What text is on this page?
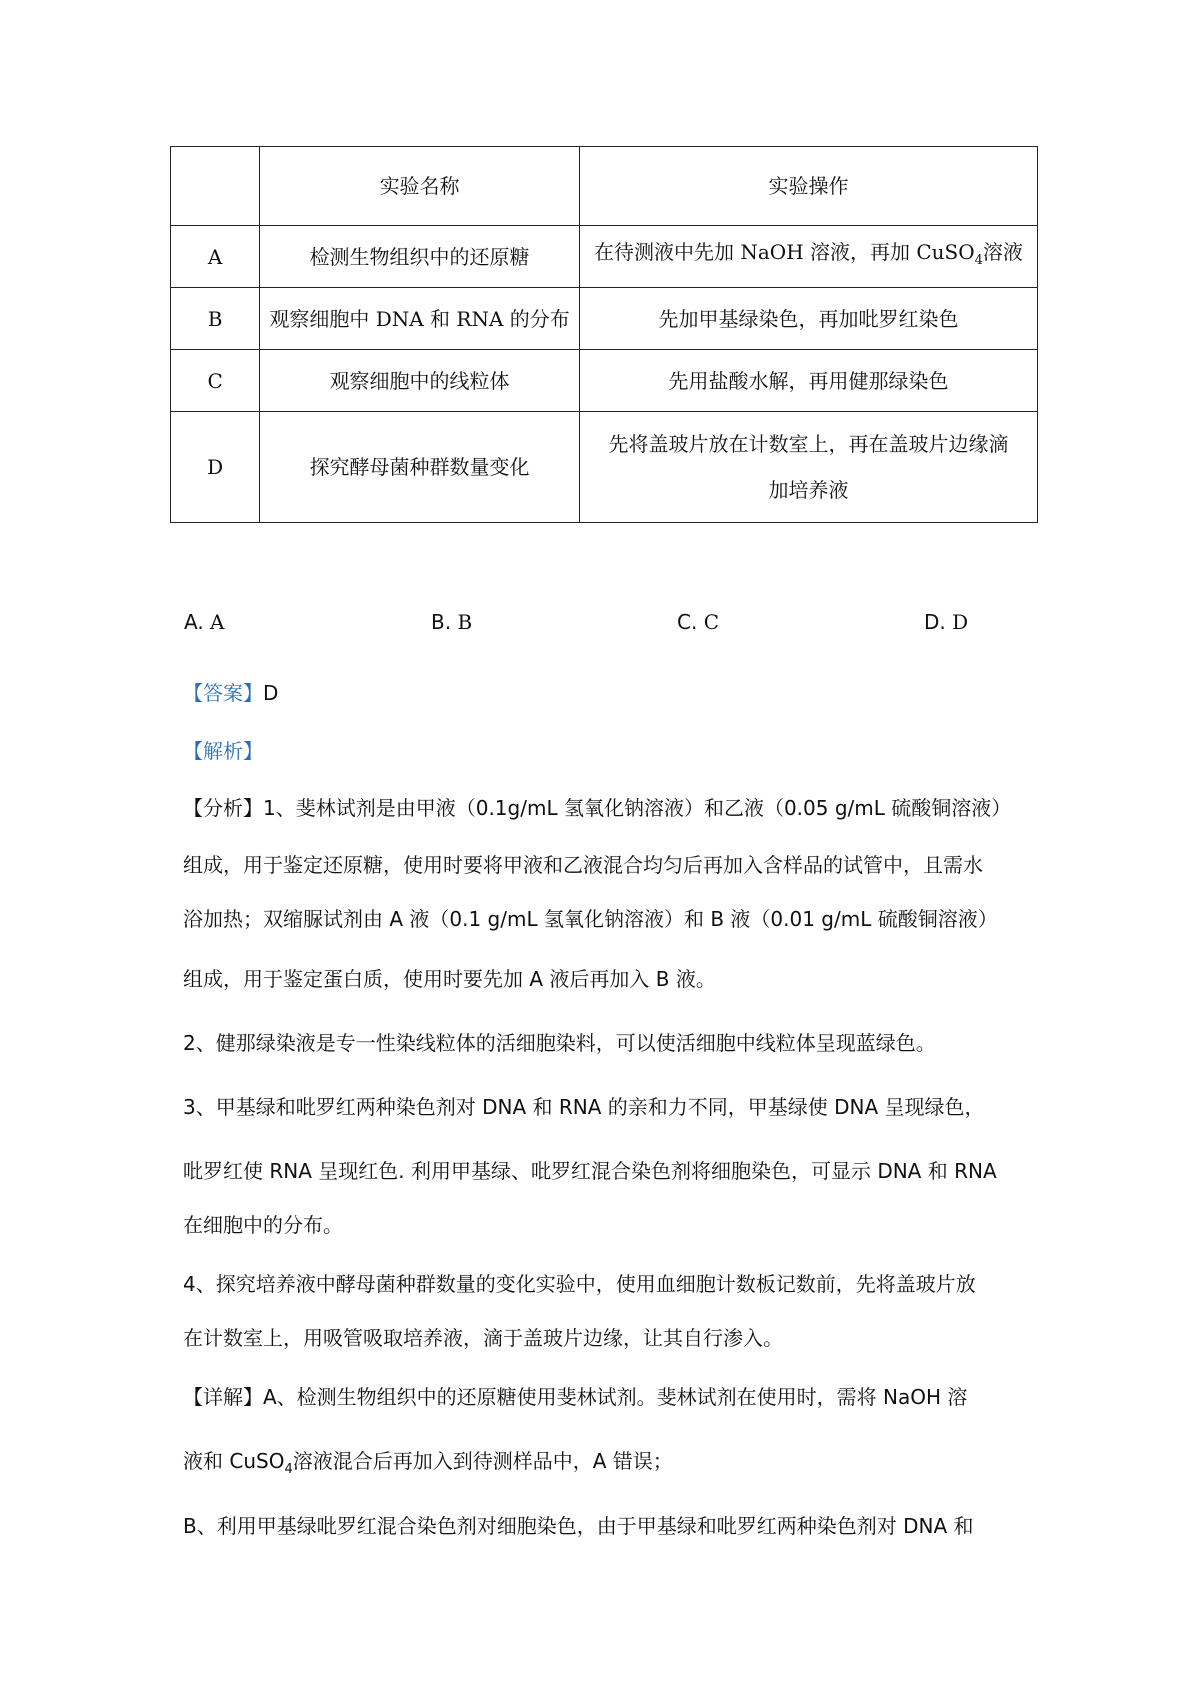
	实验名称	实验操作
A	检测生物组织中的还原糖	在待测液中先加 NaOH 溶液，再加 CuSO$_4$溶液
B	观察细胞中 DNA 和 RNA 的分布	先加甲基绿染色，再加吡罗红染色
C	观察细胞中的线粒体	先用盐酸水解，再用健那绿染色
D	探究酵母菌种群数量变化	先将盖玻片放在计数室上，再在盖玻片边缘滴
加培养液
A. A	B. B	C. C	D. D
【答案】D
【解析】
【分析】1、斐林试剂是由甲液（0.1g/mL 氢氧化钠溶液）和乙液（0.05 g/mL 硫酸铜溶液）
组成，用于鉴定还原糖，使用时要将甲液和乙液混合均匀后再加入含样品的试管中，且需水
浴加热；双缩脲试剂由 A 液（0.1 g/mL 氢氧化钠溶液）和 B 液（0.01 g/mL 硫酸铜溶液）
组成，用于鉴定蛋白质，使用时要先加 A 液后再加入 B 液。
2、健那绿染液是专一性染线粒体的活细胞染料，可以使活细胞中线粒体呈现蓝绿色。
3、甲基绿和吡罗红两种染色剂对 DNA 和 RNA 的亲和力不同，甲基绿使 DNA 呈现绿色，
吡罗红使 RNA 呈现红色. 利用甲基绿、吡罗红混合染色剂将细胞染色，可显示 DNA 和 RNA
在细胞中的分布。
4、探究培养液中酵母菌种群数量的变化实验中，使用血细胞计数板记数前，先将盖玻片放
在计数室上，用吸管吸取培养液，滴于盖玻片边缘，让其自行渗入。
【详解】A、检测生物组织中的还原糖使用斐林试剂。斐林试剂在使用时，需将 NaOH 溶
液和 CuSO$_4$溶液混合后再加入到待测样品中，A 错误；
B、利用甲基绿吡罗红混合染色剂对细胞染色，由于甲基绿和吡罗红两种染色剂对 DNA 和
